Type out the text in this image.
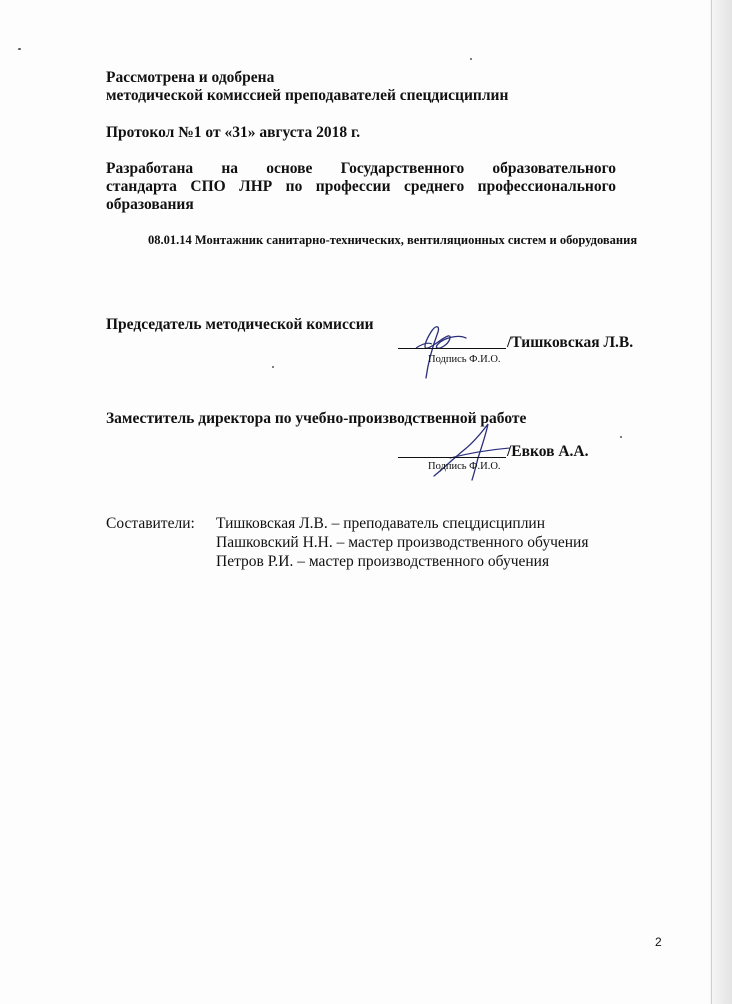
Рассмотрена и одобрена
методической комиссией преподавателей спецдисциплин
Протокол №1 от «31» августа 2018 г.
Разработана на основе Государственного образовательного
стандарта СПО ЛНР по профессии среднего профессионального
образования
08.01.14 Монтажник санитарно-технических, вентиляционных систем и оборудования
Председатель методической комиссии
/Тишковская Л.В.
Подпись Ф.И.О.
Заместитель директора по учебно-производственной работе
/Евков А.А.
Подпись Ф.И.О.
Составители: Тишковская Л.В. – преподаватель спецдисциплин
Пашковский Н.Н. – мастер производственного обучения
Петров Р.И. – мастер производственного обучения
2
